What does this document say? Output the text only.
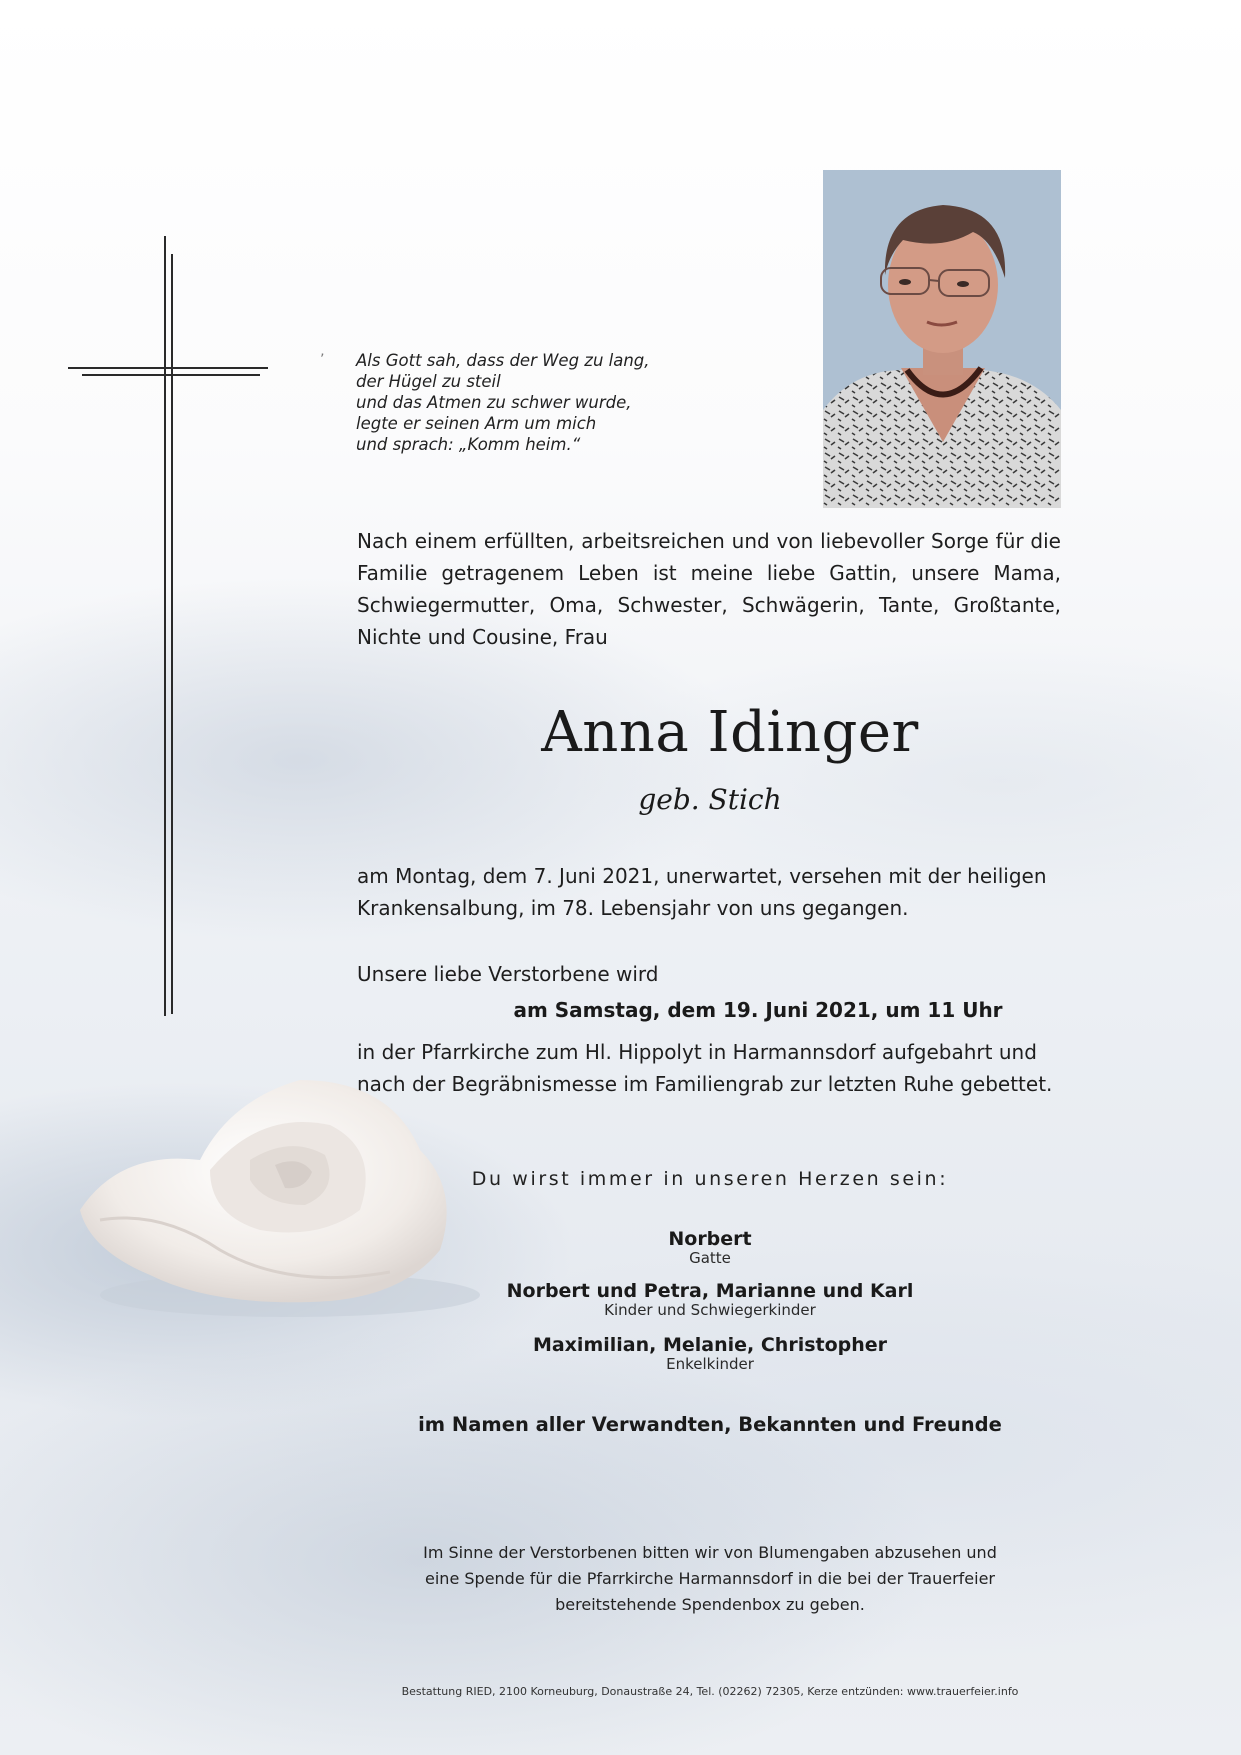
’ Als Gott sah, dass der Weg zu lang,
der Hügel zu steil
und das Atmen zu schwer wurde,
legte er seinen Arm um mich
und sprach: „Komm heim.“
Nach einem erfüllten, arbeitsreichen und von liebevoller Sorge für die Familie getragenem Leben ist meine liebe Gattin, unsere Mama, Schwiegermutter, Oma, Schwester, Schwägerin, Tante, Großtante, Nichte und Cousine, Frau
Anna Idinger
geb. Stich
am Montag, dem 7. Juni 2021, unerwartet, versehen mit der heiligen Krankensalbung, im 78. Lebensjahr von uns gegangen.
Unsere liebe Verstorbene wird
am Samstag, dem 19. Juni 2021, um 11 Uhr
in der Pfarrkirche zum Hl. Hippolyt in Harmannsdorf aufgebahrt und nach der Begräbnismesse im Familiengrab zur letzten Ruhe gebettet.
Du wirst immer in unseren Herzen sein:
Norbert
Gatte
Norbert und Petra, Marianne und Karl
Kinder und Schwiegerkinder
Maximilian, Melanie, Christopher
Enkelkinder
im Namen aller Verwandten, Bekannten und Freunde
Im Sinne der Verstorbenen bitten wir von Blumengaben abzusehen und
eine Spende für die Pfarrkirche Harmannsdorf in die bei der Trauerfeier
bereitstehende Spendenbox zu geben.
Bestattung RIED, 2100 Korneuburg, Donaustraße 24, Tel. (02262) 72305, Kerze entzünden: www.trauerfeier.info
